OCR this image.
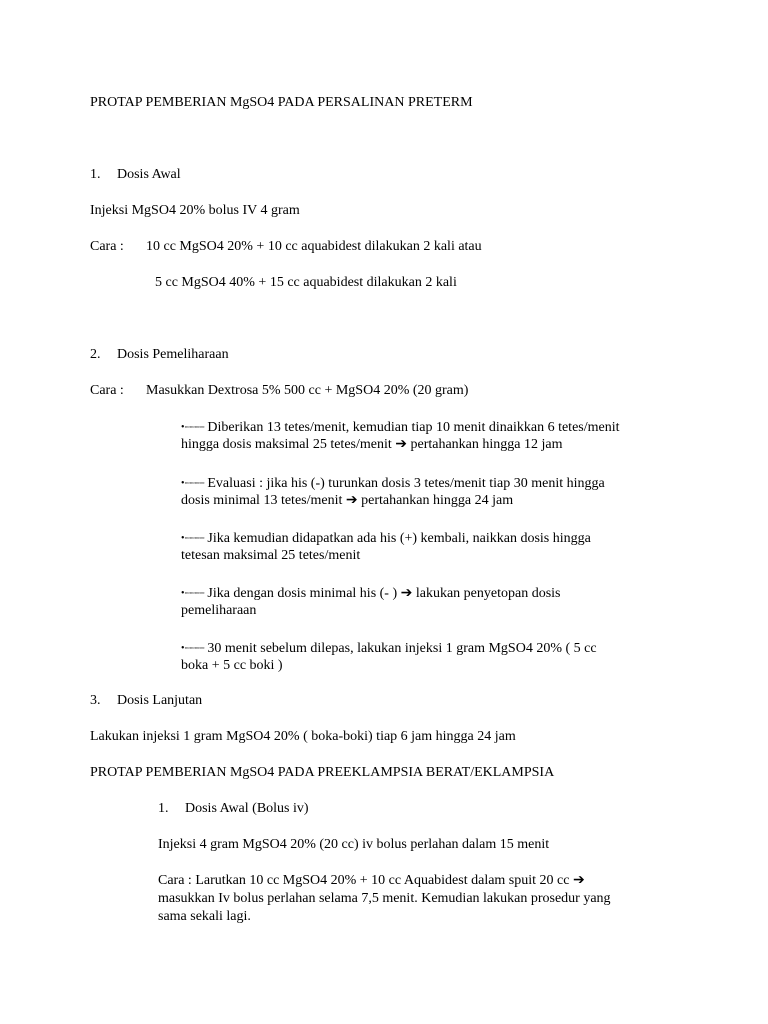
PROTAP PEMBERIAN MgSO4 PADA PERSALINAN PRETERM

1. Dosis Awal

Injeksi MgSO4 20% bolus IV 4 gram

Cara : 10 cc MgSO4 20% + 10 cc aquabidest dilakukan 2 kali atau

5 cc MgSO4 40% + 15 cc aquabidest dilakukan 2 kali

2. Dosis Pemeliharaan

Cara : Masukkan Dextrosa 5% 500 cc + MgSO4 20% (20 gram)

•▫▫▫▫▫▫▫▫ Diberikan 13 tetes/menit, kemudian tiap 10 menit dinaikkan 6 tetes/menit
hingga dosis maksimal 25 tetes/menit ➔ pertahankan hingga 12 jam
•▫▫▫▫▫▫▫▫ Evaluasi : jika his (-) turunkan dosis 3 tetes/menit tiap 30 menit hingga
dosis minimal 13 tetes/menit ➔ pertahankan hingga 24 jam
•▫▫▫▫▫▫▫▫ Jika kemudian didapatkan ada his (+) kembali, naikkan dosis hingga
tetesan maksimal 25 tetes/menit
•▫▫▫▫▫▫▫▫ Jika dengan dosis minimal his (- ) ➔ lakukan penyetopan dosis
pemeliharaan
•▫▫▫▫▫▫▫▫ 30 menit sebelum dilepas, lakukan injeksi 1 gram MgSO4 20% ( 5 cc
boka + 5 cc boki )

3. Dosis Lanjutan

Lakukan injeksi 1 gram MgSO4 20% ( boka-boki) tiap 6 jam hingga 24 jam

PROTAP PEMBERIAN MgSO4 PADA PREEKLAMPSIA BERAT/EKLAMPSIA

1. Dosis Awal (Bolus iv)

Injeksi 4 gram MgSO4 20% (20 cc) iv bolus perlahan dalam 15 menit

Cara : Larutkan 10 cc MgSO4 20% + 10 cc Aquabidest dalam spuit 20 cc ➔

masukkan Iv bolus perlahan selama 7,5 menit. Kemudian lakukan prosedur yang

sama sekali lagi.
